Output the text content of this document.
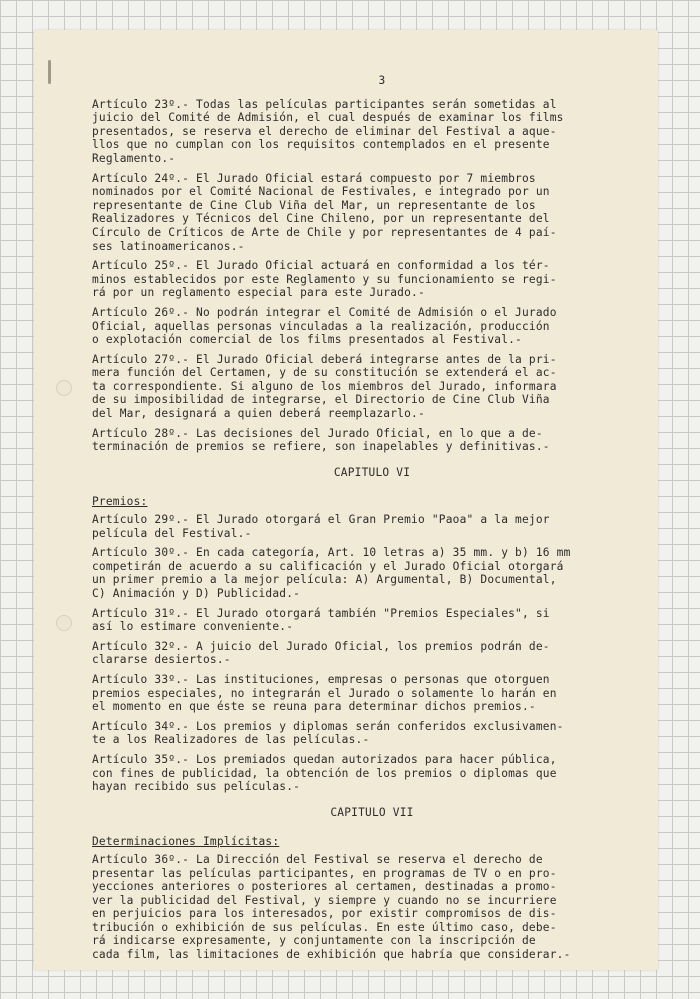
3

Artículo 23º.- Todas las películas participantes serán sometidas al
juicio del Comité de Admisión, el cual después de examinar los films
presentados, se reserva el derecho de eliminar del Festival a aque-
llos que no cumplan con los requisitos contemplados en el presente
Reglamento.-

Artículo 24º.- El Jurado Oficial estará compuesto por 7 miembros
nominados por el Comité Nacional de Festivales, e integrado por un
representante de Cine Club Viña del Mar, un representante de los
Realizadores y Técnicos del Cine Chileno, por un representante del
Círculo de Críticos de Arte de Chile y por representantes de 4 paí-
ses latinoamericanos.-

Artículo 25º.- El Jurado Oficial actuará en conformidad a los tér-
minos establecidos por este Reglamento y su funcionamiento se regi-
rá por un reglamento especial para este Jurado.-

Artículo 26º.- No podrán integrar el Comité de Admisión o el Jurado
Oficial, aquellas personas vinculadas a la realización, producción
o explotación comercial de los films presentados al Festival.-

Artículo 27º.- El Jurado Oficial deberá integrarse antes de la pri-
mera función del Certamen, y de su constitución se extenderá el ac-
ta correspondiente. Si alguno de los miembros del Jurado, informara
de su imposibilidad de integrarse, el Directorio de Cine Club Viña
del Mar, designará a quien deberá reemplazarlo.-

Artículo 28º.- Las decisiones del Jurado Oficial, en lo que a de-
terminación de premios se refiere, son inapelables y definitivas.-

CAPITULO VI
Premios:

Artículo 29º.- El Jurado otorgará el Gran Premio "Paoa" a la mejor
película del Festival.-

Artículo 30º.- En cada categoría, Art. 10 letras a) 35 mm. y b) 16 mm
competirán de acuerdo a su calificación y el Jurado Oficial otorgará
un primer premio a la mejor película: A) Argumental, B) Documental,
C) Animación y D) Publicidad.-

Artículo 31º.- El Jurado otorgará también "Premios Especiales", si
así lo estimare conveniente.-

Artículo 32º.- A juicio del Jurado Oficial, los premios podrán de-
clararse desiertos.-

Artículo 33º.- Las instituciones, empresas o personas que otorguen
premios especiales, no integrarán el Jurado o solamente lo harán en
el momento en que éste se reuna para determinar dichos premios.-

Artículo 34º.- Los premios y diplomas serán conferidos exclusivamen-
te a los Realizadores de las películas.-

Artículo 35º.- Los premiados quedan autorizados para hacer pública,
con fines de publicidad, la obtención de los premios o diplomas que
hayan recibido sus películas.-

CAPITULO VII
Determinaciones Implícitas:

Artículo 36º.- La Dirección del Festival se reserva el derecho de
presentar las películas participantes, en programas de TV o en pro-
yecciones anteriores o posteriores al certamen, destinadas a promo-
ver la publicidad del Festival, y siempre y cuando no se incurriere
en perjuicios para los interesados, por existir compromisos de dis-
tribución o exhibición de sus películas. En este último caso, debe-
rá indicarse expresamente, y conjuntamente con la inscripción de
cada film, las limitaciones de exhibición que habría que considerar.-
